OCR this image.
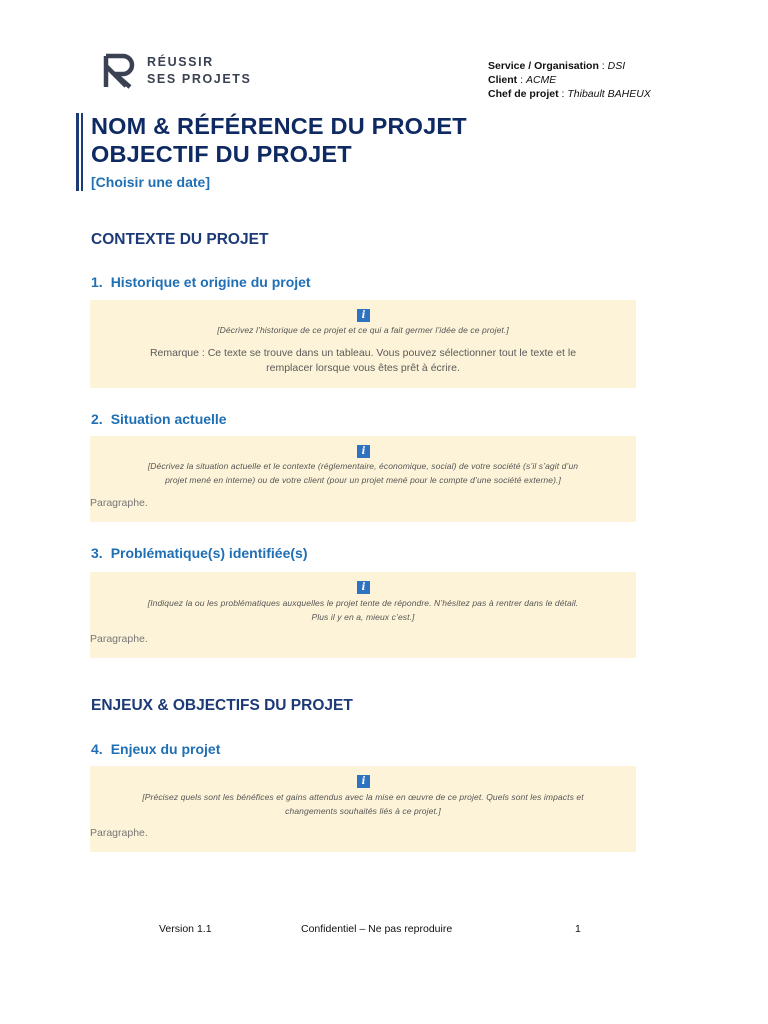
RÉUSSIR
SES PROJETS
Service / Organisation : DSI
Client : ACME
Chef de projet : Thibault BAHEUX
NOM & RÉFÉRENCE DU PROJET
OBJECTIF DU PROJET
[Choisir une date]
CONTEXTE DU PROJET
1. Historique et origine du projet
i
[Décrivez l’historique de ce projet et ce qui a fait germer l’idée de ce projet.]
Remarque : Ce texte se trouve dans un tableau. Vous pouvez sélectionner tout le texte et le
remplacer lorsque vous êtes prêt à écrire.
2. Situation actuelle
i
[Décrivez la situation actuelle et le contexte (réglementaire, économique, social) de votre société (s’il s’agit d’un
projet mené en interne) ou de votre client (pour un projet mené pour le compte d’une société externe).]
Paragraphe.
3. Problématique(s) identifiée(s)
i
[Indiquez la ou les problématiques auxquelles le projet tente de répondre. N’hésitez pas à rentrer dans le détail.
Plus il y en a, mieux c’est.]
Paragraphe.
ENJEUX & OBJECTIFS DU PROJET
4. Enjeux du projet
i
[Précisez quels sont les bénéfices et gains attendus avec la mise en œuvre de ce projet. Quels sont les impacts et
changements souhaités liés à ce projet.]
Paragraphe.
Version 1.1	Confidentiel – Ne pas reproduire	1
